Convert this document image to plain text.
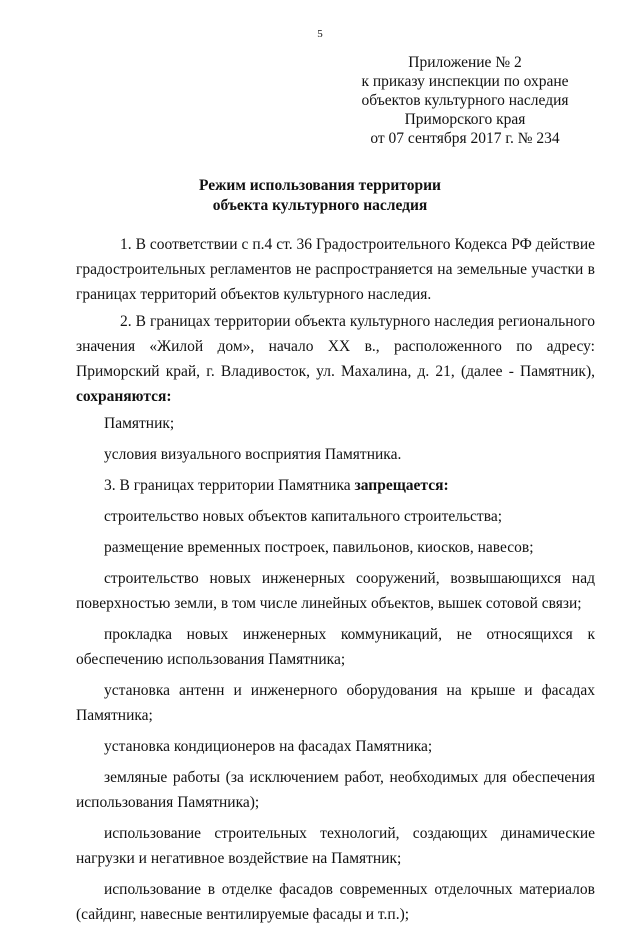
5
Приложение № 2
к приказу инспекции по охране
объектов культурного наследия
Приморского края
от 07 сентября 2017 г. № 234
Режим использования территории
объекта культурного наследия

1. В соответствии с п.4 ст. 36 Градостроительного Кодекса РФ действие градостроительных регламентов не распространяется на земельные участки в границах территорий объектов культурного наследия.

2. В границах территории объекта культурного наследия регионального значения «Жилой дом», начало XX в., расположенного по адресу: Приморский край, г. Владивосток, ул. Махалина, д. 21, (далее - Памятник), сохраняются:

Памятник;

условия визуального восприятия Памятника.

3. В границах территории Памятника запрещается:

строительство новых объектов капитального строительства;

размещение временных построек, павильонов, киосков, навесов;

строительство новых инженерных сооружений, возвышающихся над поверхностью земли, в том числе линейных объектов, вышек сотовой связи;

прокладка новых инженерных коммуникаций, не относящихся к обеспечению использования Памятника;

установка антенн и инженерного оборудования на крыше и фасадах Памятника;

установка кондиционеров на фасадах Памятника;

земляные работы (за исключением работ, необходимых для обеспечения использования Памятника);

использование строительных технологий, создающих динамические нагрузки и негативное воздействие на Памятник;

использование в отделке фасадов современных отделочных материалов (сайдинг, навесные вентилируемые фасады и т.п.);
